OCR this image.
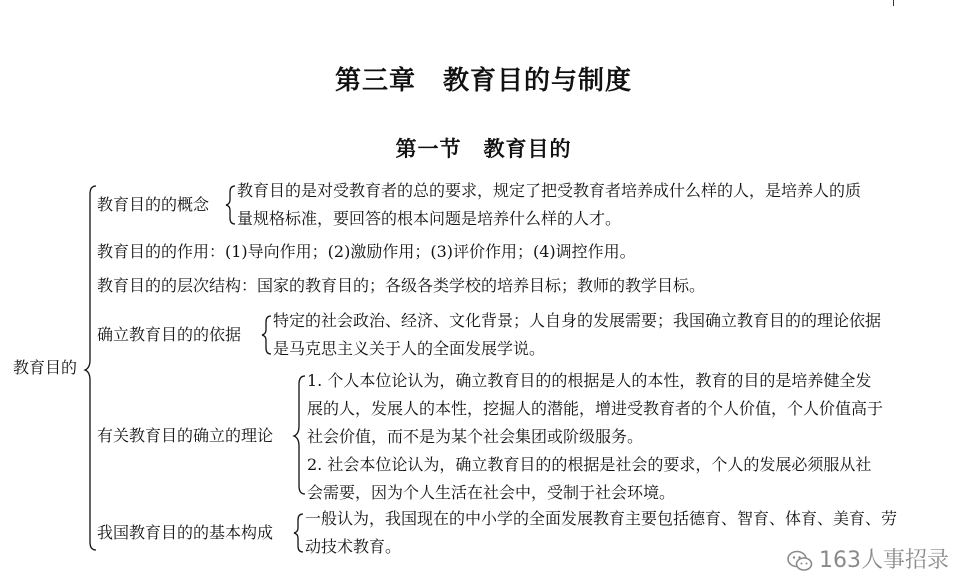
第三章　教育目的与制度
第一节　教育目的
教育目的
教育目的的概念
教育目的是对受教育者的总的要求，规定了把受教育者培养成什么样的人，是培养人的质
量规格标准，要回答的根本问题是培养什么样的人才。
教育目的的作用：(1)导向作用；(2)激励作用；(3)评价作用；(4)调控作用。
教育目的的层次结构：国家的教育目的；各级各类学校的培养目标；教师的教学目标。
确立教育目的的依据
特定的社会政治、经济、文化背景；人自身的发展需要；我国确立教育目的的理论依据
是马克思主义关于人的全面发展学说。
有关教育目的确立的理论
1. 个人本位论认为，确立教育目的的根据是人的本性，教育的目的是培养健全发
展的人，发展人的本性，挖掘人的潜能，增进受教育者的个人价值，个人价值高于
社会价值，而不是为某个社会集团或阶级服务。
2. 社会本位论认为，确立教育目的的根据是社会的要求，个人的发展必须服从社
会需要，因为个人生活在社会中，受制于社会环境。
我国教育目的的基本构成
一般认为，我国现在的中小学的全面发展教育主要包括德育、智育、体育、美育、劳
动技术教育。
163人事招录
